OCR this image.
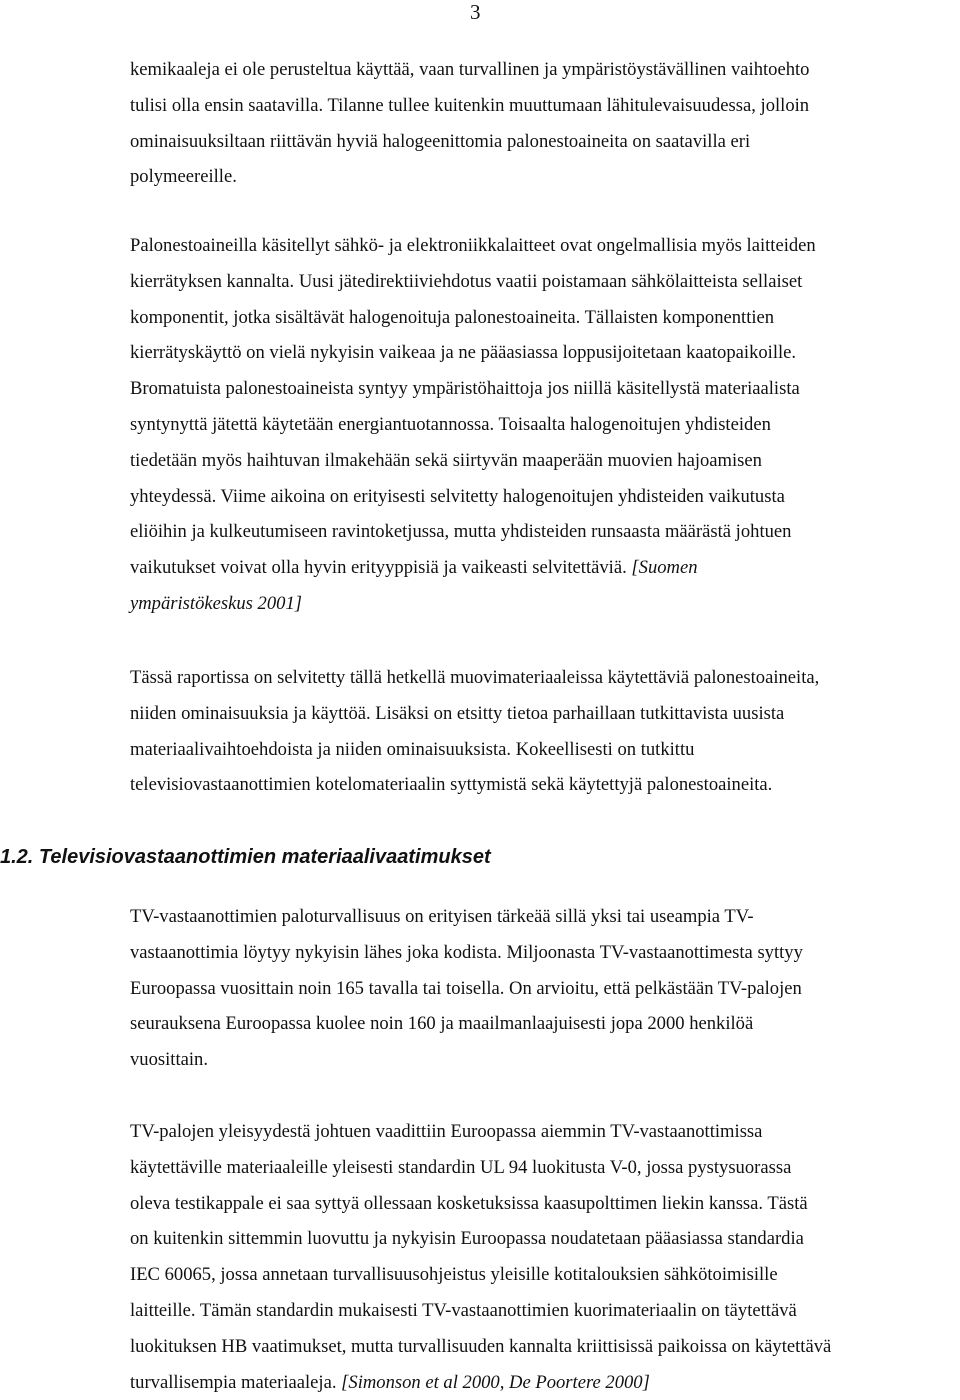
3

kemikaaleja ei ole perusteltua käyttää, vaan turvallinen ja ympäristöystävällinen vaihtoehto
tulisi olla ensin saatavilla. Tilanne tullee kuitenkin muuttumaan lähitulevaisuudessa, jolloin
ominaisuuksiltaan riittävän hyviä halogeenittomia palonestoaineita on saatavilla eri
polymeereille.

Palonestoaineilla käsitellyt sähkö- ja elektroniikkalaitteet ovat ongelmallisia myös laitteiden
kierrätyksen kannalta. Uusi jätedirektiiviehdotus vaatii poistamaan sähkölaitteista sellaiset
komponentit, jotka sisältävät halogenoituja palonestoaineita. Tällaisten komponenttien
kierrätyskäyttö on vielä nykyisin vaikeaa ja ne pääasiassa loppusijoitetaan kaatopaikoille.
Bromatuista palonestoaineista syntyy ympäristöhaittoja jos niillä käsitellystä materiaalista
syntynyttä jätettä käytetään energiantuotannossa. Toisaalta halogenoitujen yhdisteiden
tiedetään myös haihtuvan ilmakehään sekä siirtyvän maaperään muovien hajoamisen
yhteydessä. Viime aikoina on erityisesti selvitetty halogenoitujen yhdisteiden vaikutusta
eliöihin ja kulkeutumiseen ravintoketjussa, mutta yhdisteiden runsaasta määrästä johtuen
vaikutukset voivat olla hyvin erityyppisiä ja vaikeasti selvitettäviä. [Suomen
ympäristökeskus 2001]

Tässä raportissa on selvitetty tällä hetkellä muovimateriaaleissa käytettäviä palonestoaineita,
niiden ominaisuuksia ja käyttöä. Lisäksi on etsitty tietoa parhaillaan tutkittavista uusista
materiaalivaihtoehdoista ja niiden ominaisuuksista. Kokeellisesti on tutkittu
televisiovastaanottimien kotelomateriaalin syttymistä sekä käytettyjä palonestoaineita.

1.2. Televisiovastaanottimien materiaalivaatimukset

TV-vastaanottimien paloturvallisuus on erityisen tärkeää sillä yksi tai useampia TV-
vastaanottimia löytyy nykyisin lähes joka kodista. Miljoonasta TV-vastaanottimesta syttyy
Euroopassa vuosittain noin 165 tavalla tai toisella. On arvioitu, että pelkästään TV-palojen
seurauksena Euroopassa kuolee noin 160 ja maailmanlaajuisesti jopa 2000 henkilöä
vuosittain.

TV-palojen yleisyydestä johtuen vaadittiin Euroopassa aiemmin TV-vastaanottimissa
käytettäville materiaaleille yleisesti standardin UL 94 luokitusta V-0, jossa pystysuorassa
oleva testikappale ei saa syttyä ollessaan kosketuksissa kaasupolttimen liekin kanssa. Tästä
on kuitenkin sittemmin luovuttu ja nykyisin Euroopassa noudatetaan pääasiassa standardia
IEC 60065, jossa annetaan turvallisuusohjeistus yleisille kotitalouksien sähkötoimisille
laitteille. Tämän standardin mukaisesti TV-vastaanottimien kuorimateriaalin on täytettävä
luokituksen HB vaatimukset, mutta turvallisuuden kannalta kriittisissä paikoissa on käytettävä
turvallisempia materiaaleja. [Simonson et al 2000, De Poortere 2000]
